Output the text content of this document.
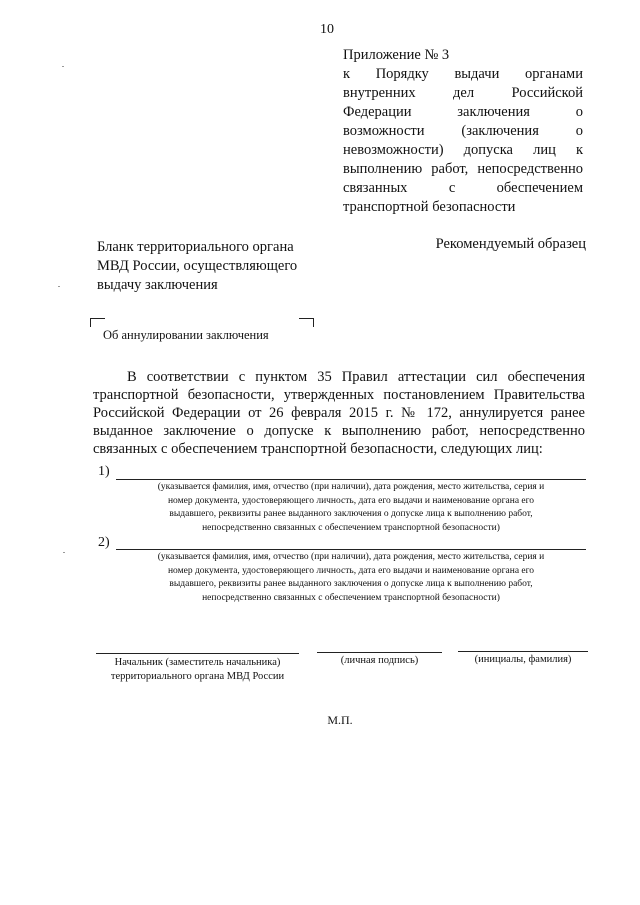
10
Приложение № 3
к Порядку выдачи органами внутренних дел Российской Федерации заключения о возможности (заключения о невозможности) допуска лиц к выполнению работ, непосредственно связанных с обеспечением транспортной безопасности
Бланк территориального органа
МВД России, осуществляющего
выдачу заключения
Рекомендуемый образец
Об аннулировании заключения
В соответствии с пунктом 35 Правил аттестации сил обеспечения транспортной безопасности, утвержденных постановлением Правительства Российской Федерации от 26 февраля 2015 г. № 172, аннулируется ранее выданное заключение о допуске к выполнению работ, непосредственно связанных с обеспечением транспортной безопасности, следующих лиц:
1)
(указывается фамилия, имя, отчество (при наличии), дата рождения, место жительства, серия и
номер документа, удостоверяющего личность, дата его выдачи и наименование органа его
выдавшего, реквизиты ранее выданного заключения о допуске лица к выполнению работ,
непосредственно связанных с обеспечением транспортной безопасности)
2)
(указывается фамилия, имя, отчество (при наличии), дата рождения, место жительства, серия и
номер документа, удостоверяющего личность, дата его выдачи и наименование органа его
выдавшего, реквизиты ранее выданного заключения о допуске лица к выполнению работ,
непосредственно связанных с обеспечением транспортной безопасности)
Начальник (заместитель начальника)
территориального органа МВД России
(личная подпись)	(инициалы, фамилия)
М.П.
